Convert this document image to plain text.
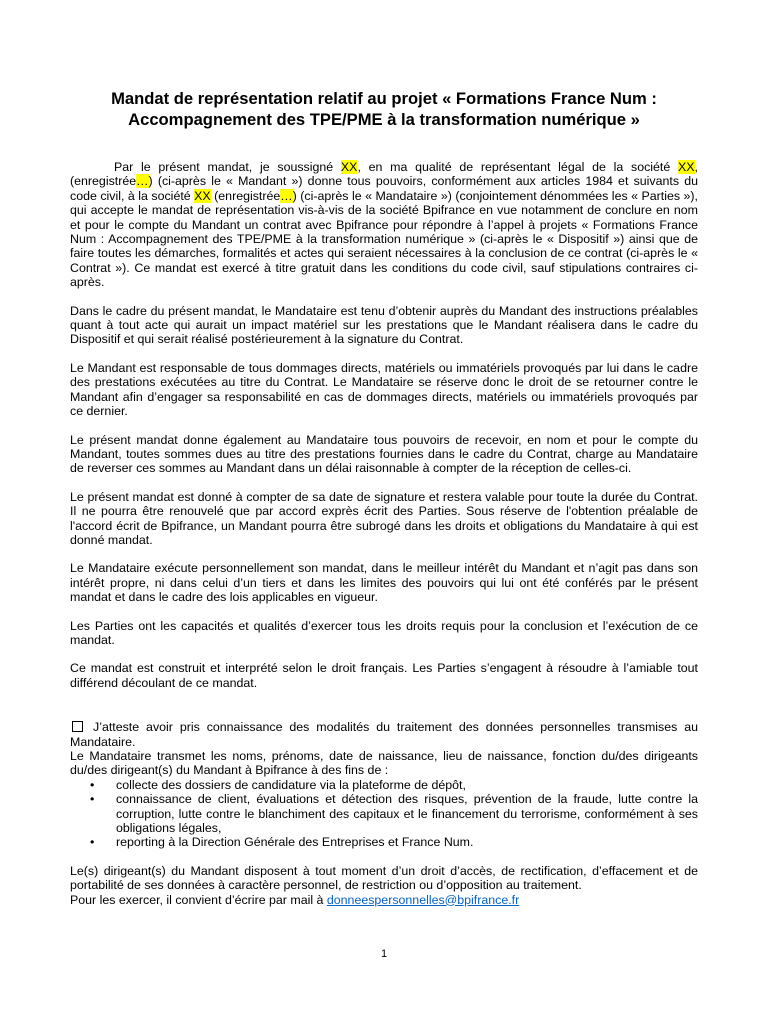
Mandat de représentation relatif au projet « Formations France Num :
Accompagnement des TPE/PME à la transformation numérique »

Par le présent mandat, je soussigné XX, en ma qualité de représentant légal de la société XX, (enregistrée…) (ci-après le « Mandant ») donne tous pouvoirs, conformément aux articles 1984 et suivants du code civil, à la société XX (enregistrée…) (ci-après le « Mandataire ») (conjointement dénommées les « Parties »), qui accepte le mandat de représentation vis-à-vis de la société Bpifrance en vue notamment de conclure en nom et pour le compte du Mandant un contrat avec Bpifrance pour répondre à l’appel à projets « Formations France Num : Accompagnement des TPE/PME à la transformation numérique » (ci-après le « Dispositif ») ainsi que de faire toutes les démarches, formalités et actes qui seraient nécessaires à la conclusion de ce contrat (ci-après le « Contrat »). Ce mandat est exercé à titre gratuit dans les conditions du code civil, sauf stipulations contraires ci-après.

Dans le cadre du présent mandat, le Mandataire est tenu d’obtenir auprès du Mandant des instructions préalables quant à tout acte qui aurait un impact matériel sur les prestations que le Mandant réalisera dans le cadre du Dispositif et qui serait réalisé postérieurement à la signature du Contrat.

Le Mandant est responsable de tous dommages directs, matériels ou immatériels provoqués par lui dans le cadre des prestations exécutées au titre du Contrat. Le Mandataire se réserve donc le droit de se retourner contre le Mandant afin d’engager sa responsabilité en cas de dommages directs, matériels ou immatériels provoqués par ce dernier.

Le présent mandat donne également au Mandataire tous pouvoirs de recevoir, en nom et pour le compte du Mandant, toutes sommes dues au titre des prestations fournies dans le cadre du Contrat, charge au Mandataire de reverser ces sommes au Mandant dans un délai raisonnable à compter de la réception de celles-ci.

Le présent mandat est donné à compter de sa date de signature et restera valable pour toute la durée du Contrat. Il ne pourra être renouvelé que par accord exprès écrit des Parties. Sous réserve de l'obtention préalable de l'accord écrit de Bpifrance, un Mandant pourra être subrogé dans les droits et obligations du Mandataire à qui est donné mandat.

Le Mandataire exécute personnellement son mandat, dans le meilleur intérêt du Mandant et n’agit pas dans son intérêt propre, ni dans celui d’un tiers et dans les limites des pouvoirs qui lui ont été conférés par le présent mandat et dans le cadre des lois applicables en vigueur.

Les Parties ont les capacités et qualités d’exercer tous les droits requis pour la conclusion et l’exécution de ce mandat.

Ce mandat est construit et interprété selon le droit français. Les Parties s’engagent à résoudre à l’amiable tout différend découlant de ce mandat.

J’atteste avoir pris connaissance des modalités du traitement des données personnelles transmises au Mandataire.

Le Mandataire transmet les noms, prénoms, date de naissance, lieu de naissance, fonction du/des dirigeants du/des dirigeant(s) du Mandant à Bpifrance à des fins de :

• collecte des dossiers de candidature via la plateforme de dépôt,
• connaissance de client, évaluations et détection des risques, prévention de la fraude, lutte contre la corruption, lutte contre le blanchiment des capitaux et le financement du terrorisme, conformément à ses obligations légales,
• reporting à la Direction Générale des Entreprises et France Num.

Le(s) dirigeant(s) du Mandant disposent à tout moment d’un droit d’accès, de rectification, d’effacement et de portabilité de ses données à caractère personnel, de restriction ou d’opposition au traitement.

Pour les exercer, il convient d’écrire par mail à donneespersonnelles@bpifrance.fr

1
